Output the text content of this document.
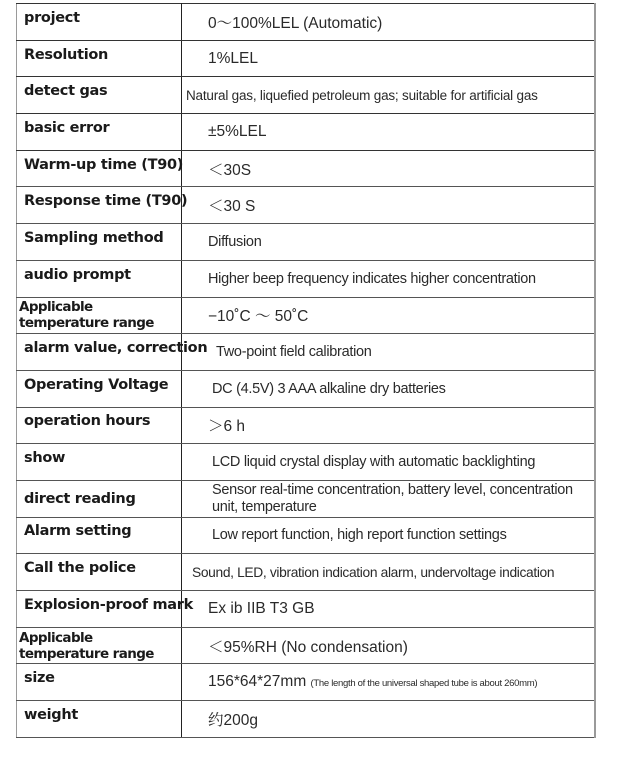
project	0～100%LEL (Automatic)
Resolution	1%LEL
detect gas	Natural gas, liquefied petroleum gas; suitable for artificial gas
basic error	±5%LEL
Warm-up time (T90)	＜30S
Response time (T90)	＜30 S
Sampling method	Diffusion
audio prompt	Higher beep frequency indicates higher concentration
Applicable temperature range	−10˚C ～ 50˚C
alarm value, correction	Two-point field calibration
Operating Voltage	DC (4.5V) 3 AAA alkaline dry batteries
operation hours	＞6 h
show	LCD liquid crystal display with automatic backlighting
direct reading	Sensor real-time concentration, battery level, concentration unit, temperature
Alarm setting	Low report function, high report function settings
Call the police	Sound, LED, vibration indication alarm, undervoltage indication
Explosion-proof mark	Ex ib IIB T3 GB
Applicable temperature range	＜95%RH (No condensation)
size	156*64*27mm (The length of the universal shaped tube is about 260mm)
weight	约200g
